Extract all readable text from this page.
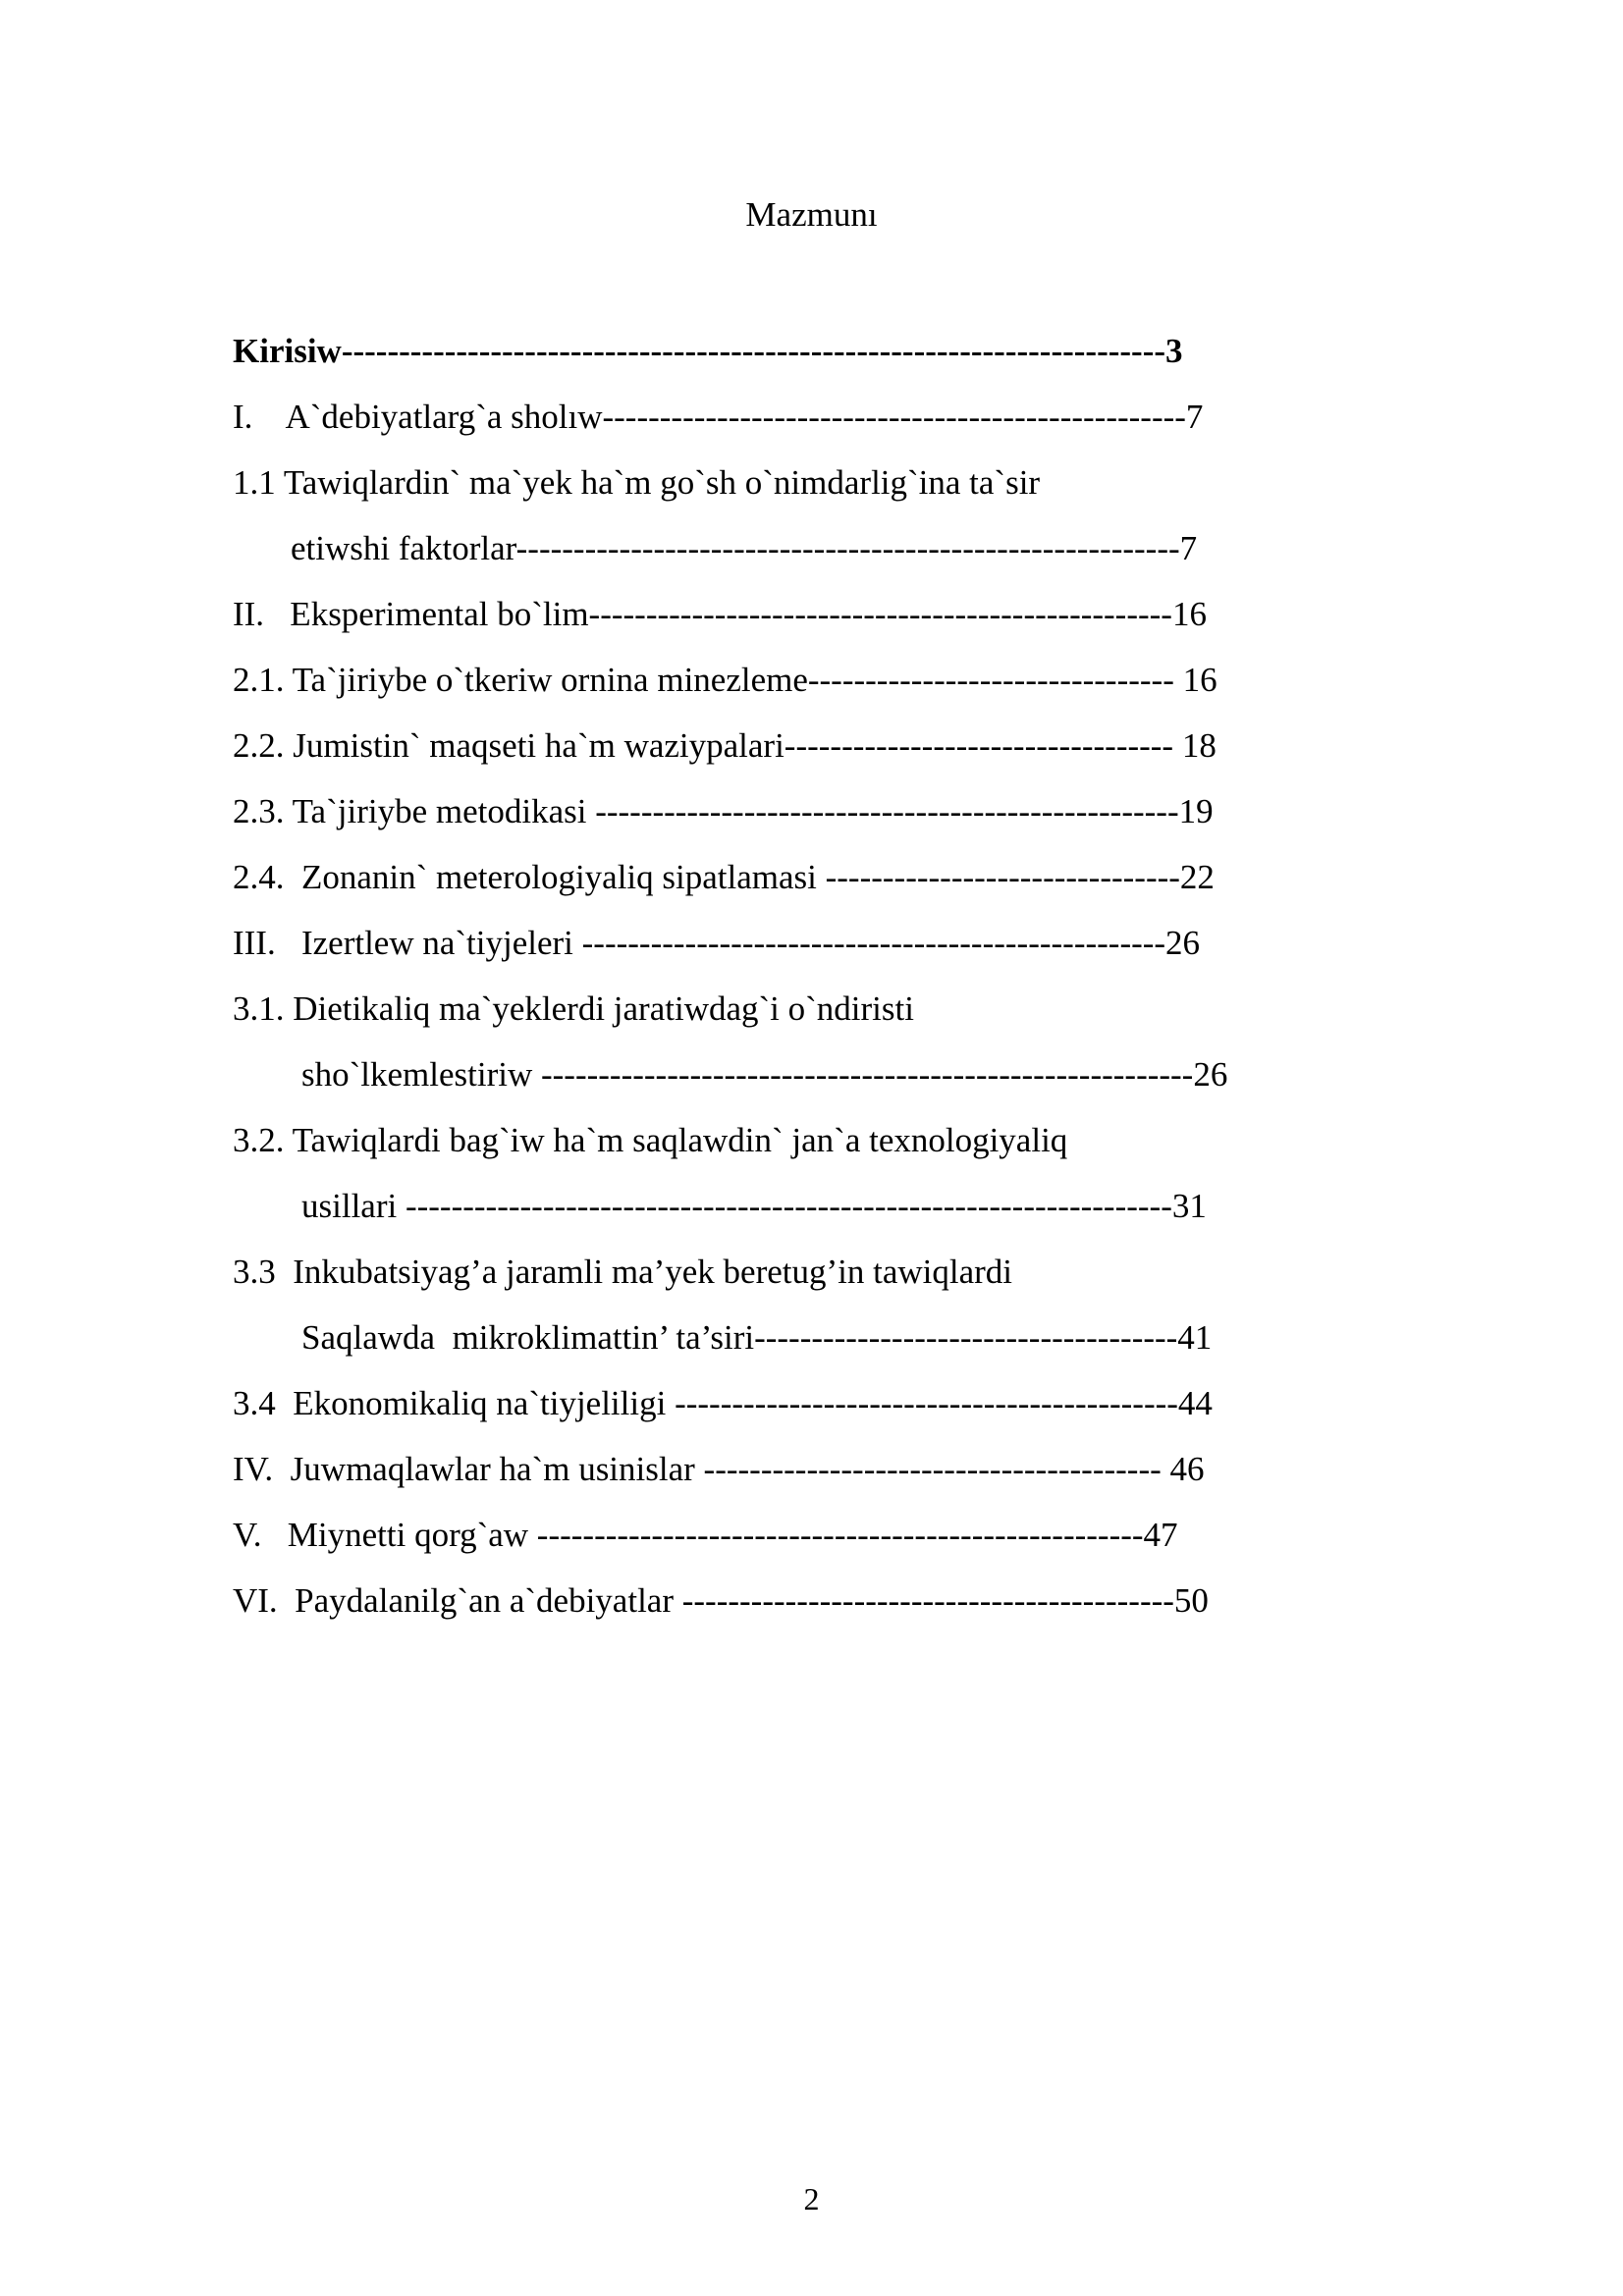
Mazmunı
Kirisiw------------------------------------------------------------------------3
I.    A`debiyatlarg`a sholıw---------------------------------------------------7
1.1 Tawiqlardin` ma`yek ha`m go`sh o`nimdarlig`ina ta`sir
etiwshi faktorlar----------------------------------------------------------7
II.   Eksperimental bo`lim---------------------------------------------------16
2.1. Ta`jiriybe o`tkeriw ornina minezleme-------------------------------- 16
2.2. Jumistin` maqseti ha`m waziypalari---------------------------------- 18
2.3. Ta`jiriybe metodikasi ---------------------------------------------------19
2.4.  Zonanin` meterologiyaliq sipatlamasi -------------------------------22
III.   Izertlew na`tiyjeleri ---------------------------------------------------26
3.1. Dietikaliq ma`yeklerdi jaratiwdag`i o`ndiristi
sho`lkemlestiriw ---------------------------------------------------------26
3.2. Tawiqlardi bag`iw ha`m saqlawdin` jan`a texnologiyaliq
usillari -------------------------------------------------------------------31
3.3  Inkubatsiyag’a jaramli ma’yek beretug’in tawiqlardi
Saqlawda  mikroklimattin’ ta’siri-------------------------------------41
3.4  Ekonomikaliq na`tiyjeliligi --------------------------------------------44
IV.  Juwmaqlawlar ha`m usinislar ---------------------------------------- 46
V.   Miynetti qorg`aw -----------------------------------------------------47
VI.  Paydalanilg`an a`debiyatlar -------------------------------------------50
2
